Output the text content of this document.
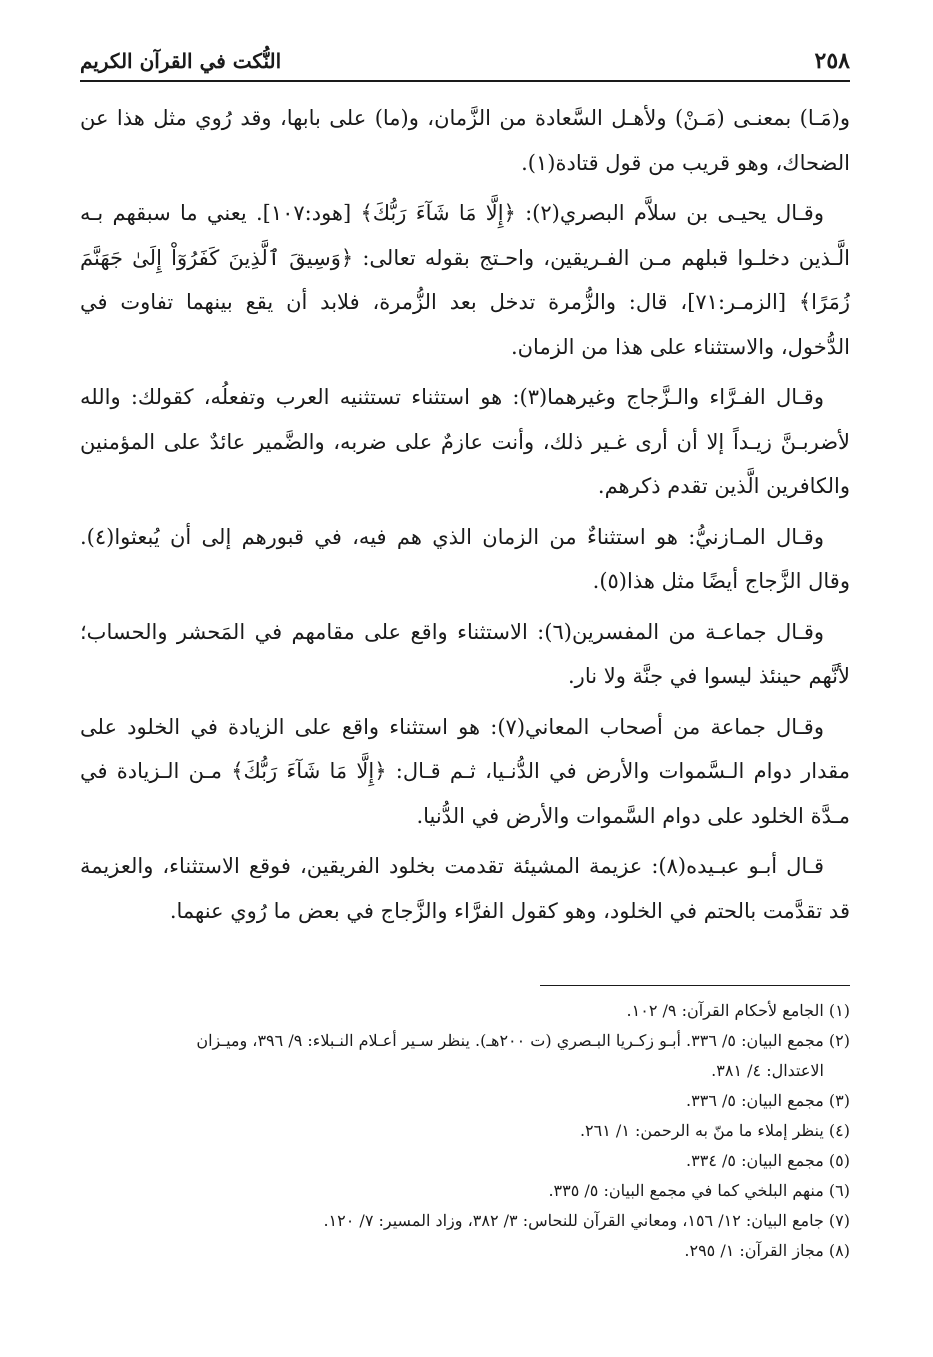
٢٥٨
النُّكت في القرآن الكريم

و(مَـا) بمعنـى (مَـنْ) ولأهـل السَّعادة من الزَّمان، و(ما) على بابها، وقد رُوي مثل هذا عن الضحاك، وهو قريب من قول قتادة(١).

وقـال يحيـى بن سلاَّم البصري(٢): ﴿إِلَّا مَا شَآءَ رَبُّكَ﴾ [هود:١٠٧]. يعني ما سبقهم بـه الَّـذين دخلـوا قبلهم مـن الفـريقين، واحـتج بقوله تعالى: ﴿وَسِيقَ ٱلَّذِينَ كَفَرُوٓاْ إِلَىٰ جَهَنَّمَ زُمَرًا﴾ [الزمـر:٧١]، قال: والزُّمرة تدخل بعد الزُّمرة، فلابد أن يقع بينهما تفاوت في الدُّخول، والاستثناء على هذا من الزمان.

وقـال الفـرَّاء والـزَّجاج وغيرهما(٣): هو استثناء تستثنيه العرب وتفعلُه، كقولك: والله لأضربـنَّ زيـداً إلا أن أرى غـير ذلك، وأنت عازمٌ على ضربه، والضَّمير عائدٌ على المؤمنين والكافرين الَّذين تقدم ذكرهم.

وقـال المـازنيُّ: هو استثناءٌ من الزمان الذي هم فيه، في قبورهم إلى أن يُبعثوا(٤). وقال الزَّجاج أيضًا مثل هذا(٥).

وقـال جماعـة من المفسرين(٦): الاستثناء واقع على مقامهم في المَحشر والحساب؛ لأنَّهم حينئذ ليسوا في جنَّة ولا نار.

وقـال جماعة من أصحاب المعاني(٧): هو استثناء واقع على الزيادة في الخلود على مقدار دوام الـسَّموات والأرض في الدُّنـيا، ثـم قـال: ﴿إِلَّا مَا شَآءَ رَبُّكَ﴾ مـن الـزيادة في مـدَّة الخلود على دوام السَّموات والأرض في الدُّنيا.

قـال أبـو عبـيده(٨): عزيمة المشيئة تقدمت بخلود الفريقين، فوقع الاستثناء، والعزيمة قد تقدَّمت بالحتم في الخلود، وهو كقول الفرَّاء والزَّجاج في بعض ما رُوي عنهما.

(١) الجامع لأحكام القرآن: ٩/ ١٠٢.

(٢) مجمع البيان: ٥/ ٣٣٦. أبـو زكـريا البـصري (ت ٢٠٠هـ). ينظر سـير أعـلام النـبلاء: ٩/ ٣٩٦، وميـزان

الاعتدال: ٤/ ٣٨١.

(٣) مجمع البيان: ٥/ ٣٣٦.

(٤) ينظر إملاء ما منّ به الرحمن: ١/ ٢٦١.

(٥) مجمع البيان: ٥/ ٣٣٤.

(٦) منهم البلخي كما في مجمع البيان: ٥/ ٣٣٥.

(٧) جامع البيان: ١٢/ ١٥٦، ومعاني القرآن للنحاس: ٣/ ٣٨٢، وزاد المسير: ٧/ ١٢٠.

(٨) مجاز القرآن: ١/ ٢٩٥.
